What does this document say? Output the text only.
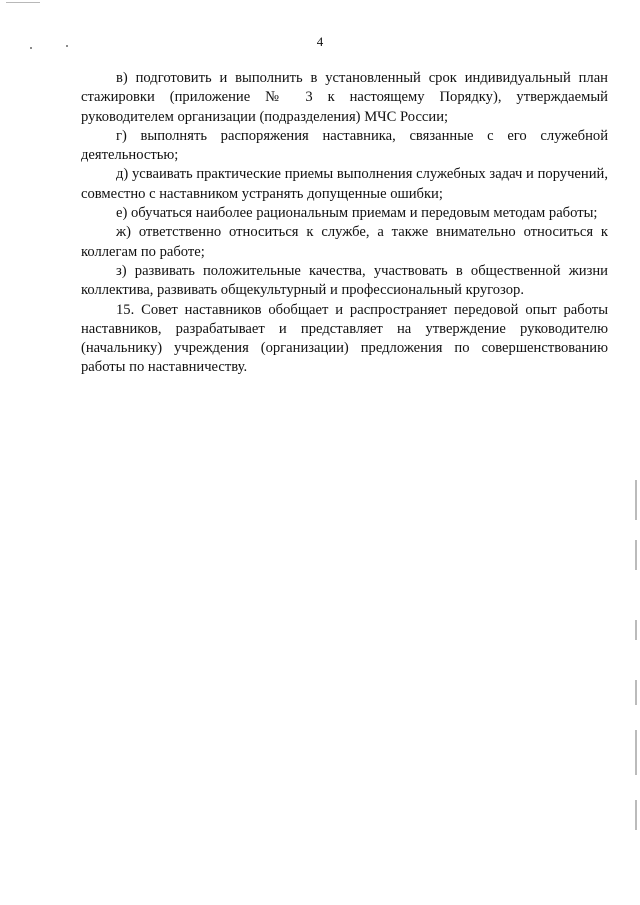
4

в) подготовить и выполнить в установленный срок индивидуальный план стажировки (приложение № 3 к настоящему Порядку), утверждаемый руководителем организации (подразделения) МЧС России;

г) выполнять распоряжения наставника, связанные с его служебной деятельностью;

д) усваивать практические приемы выполнения служебных задач и поручений, совместно с наставником устранять допущенные ошибки;

е) обучаться наиболее рациональным приемам и передовым методам работы;

ж) ответственно относиться к службе, а также внимательно относиться к коллегам по работе;

з) развивать положительные качества, участвовать в общественной жизни коллектива, развивать общекультурный и профессиональный кругозор.

15. Совет наставников обобщает и распространяет передовой опыт работы наставников, разрабатывает и представляет на утверждение руководителю (начальнику) учреждения (организации) предложения по совершенствованию работы по наставничеству.
